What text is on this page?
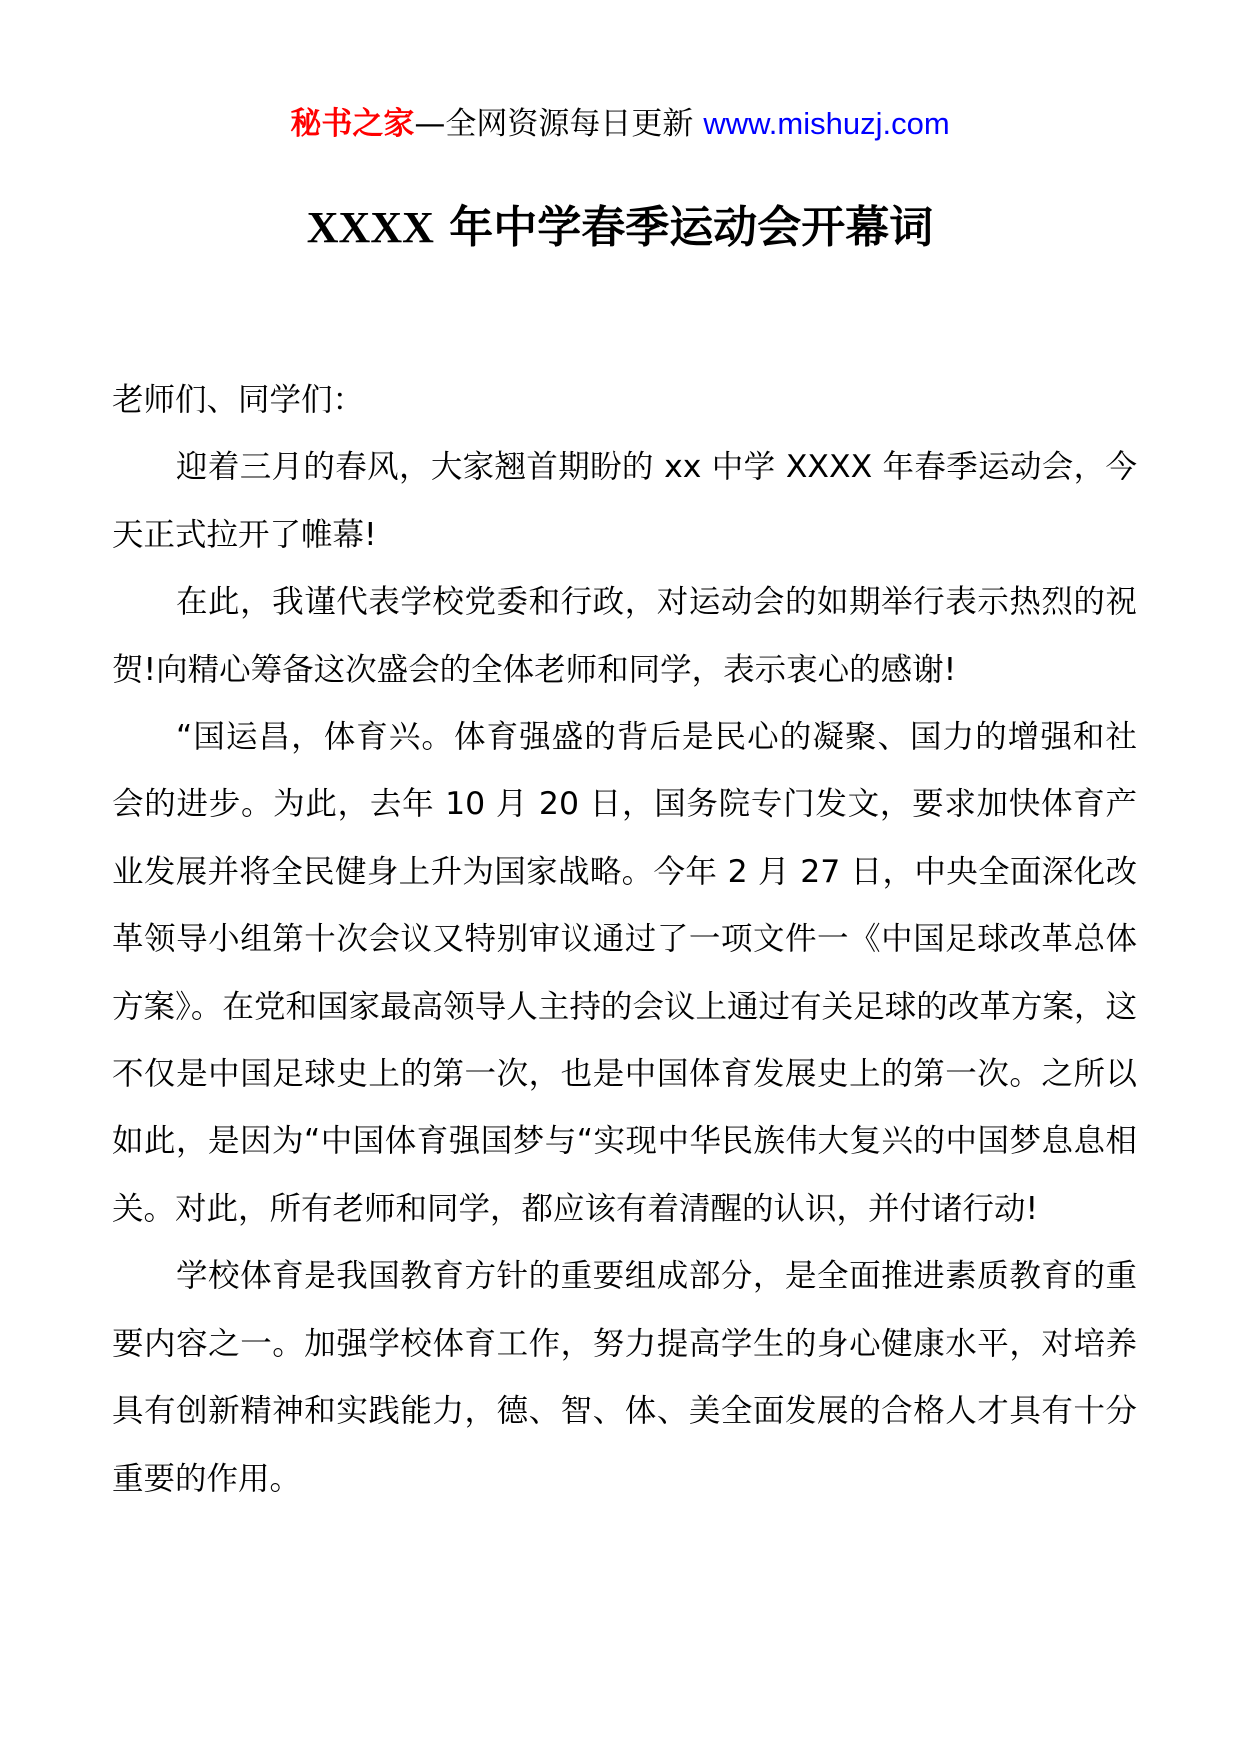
秘书之家—全网资源每日更新 www.mishuzj.com
XXXX 年中学春季运动会开幕词

老师们、同学们：

迎着三月的春风，大家翘首期盼的 xx 中学 XXXX 年春季运动会，今天正式拉开了帷幕!

在此，我谨代表学校党委和行政，对运动会的如期举行表示热烈的祝贺!向精心筹备这次盛会的全体老师和同学，表示衷心的感谢!

“国运昌，体育兴。体育强盛的背后是民心的凝聚、国力的增强和社会的进步。为此，去年 10 月 20 日，国务院专门发文，要求加快体育产业发展并将全民健身上升为国家战略。今年 2 月 27 日，中央全面深化改革领导小组第十次会议又特别审议通过了一项文件一《中国足球改革总体方案》。在党和国家最高领导人主持的会议上通过有关足球的改革方案，这不仅是中国足球史上的第一次，也是中国体育发展史上的第一次。之所以如此，是因为“中国体育强国梦与“实现中华民族伟大复兴的中国梦息息相关。对此，所有老师和同学，都应该有着清醒的认识，并付诸行动!

学校体育是我国教育方针的重要组成部分，是全面推进素质教育的重要内容之一。加强学校体育工作，努力提高学生的身心健康水平，对培养具有创新精神和实践能力，德、智、体、美全面发展的合格人才具有十分重要的作用。
